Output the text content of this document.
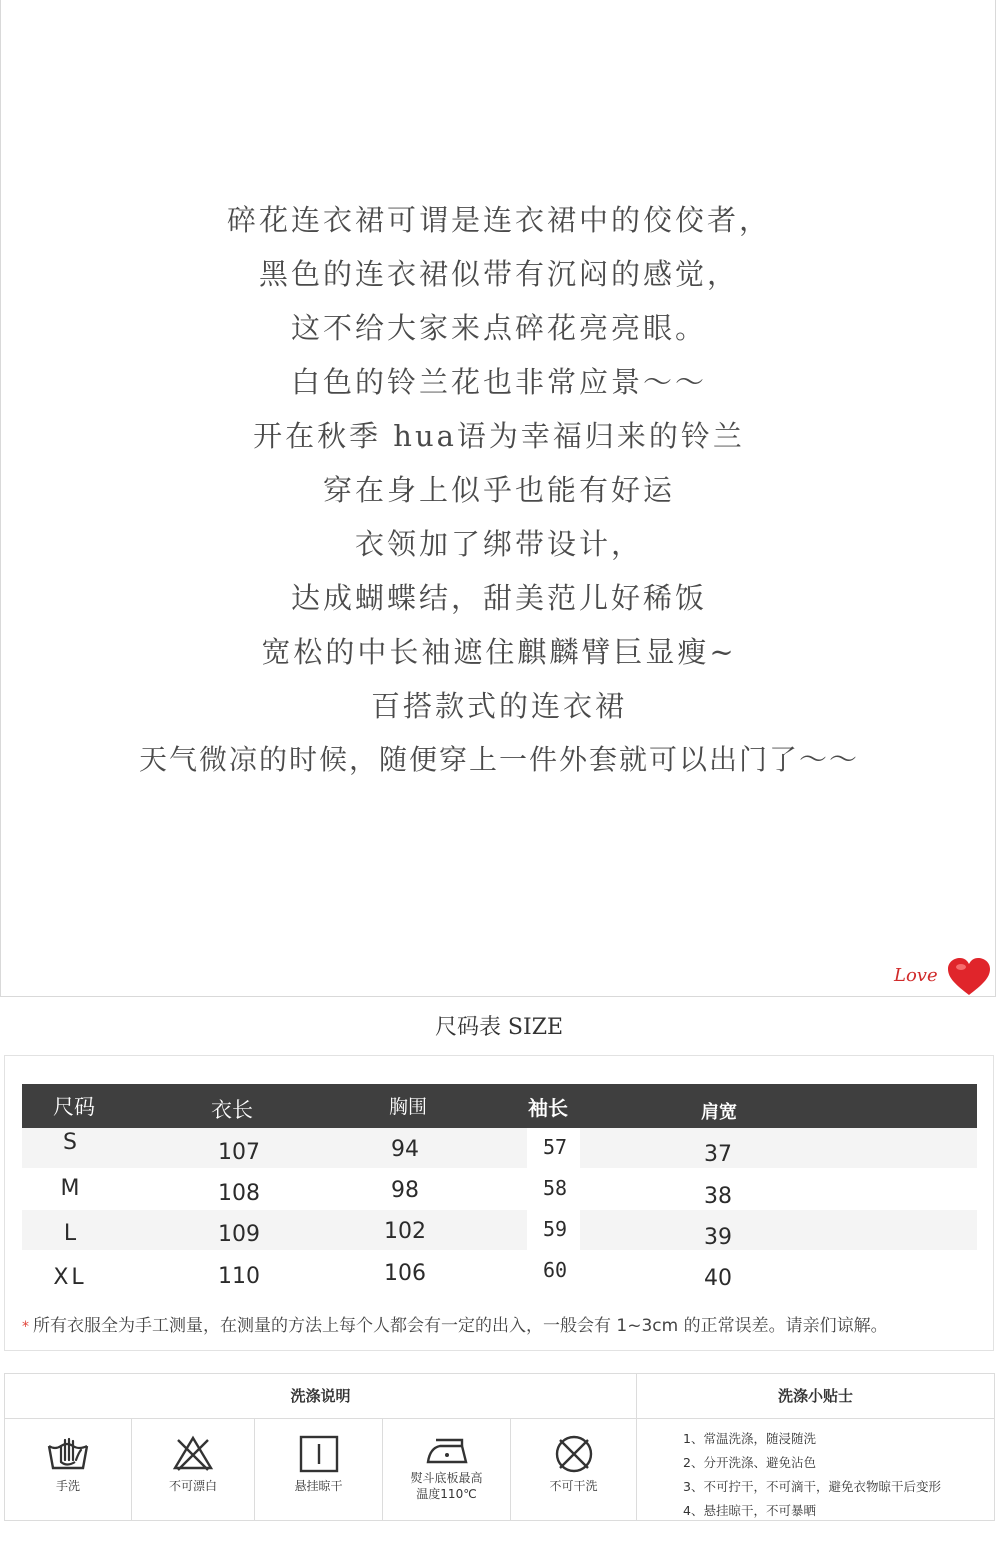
碎花连衣裙可谓是连衣裙中的佼佼者，
黑色的连衣裙似带有沉闷的感觉，
这不给大家来点碎花亮亮眼。
白色的铃兰花也非常应景～～
开在秋季 hua语为幸福归来的铃兰
穿在身上似乎也能有好运
衣领加了绑带设计，
达成蝴蝶结，甜美范儿好稀饭
宽松的中长袖遮住麒麟臂巨显瘦~
百搭款式的连衣裙
天气微凉的时候，随便穿上一件外套就可以出门了～～
Love
尺码表 SIZE
尺码	衣长	胸围	袖长	肩宽
S	107	94	57	37
M	108	98	58	38
L	109	102	59	39
XL	110	106	60	40
* 所有衣服全为手工测量，在测量的方法上每个人都会有一定的出入，一般会有 1~3cm 的正常误差。请亲们谅解。
洗涤说明	洗涤小贴士
手洗	不可漂白	悬挂晾干
熨斗底板最高
温度110℃
不可干洗
1、常温洗涤，随浸随洗
2、分开洗涤、避免沾色
3、不可拧干，不可滴干，避免衣物晾干后变形
4、悬挂晾干，不可暴晒
